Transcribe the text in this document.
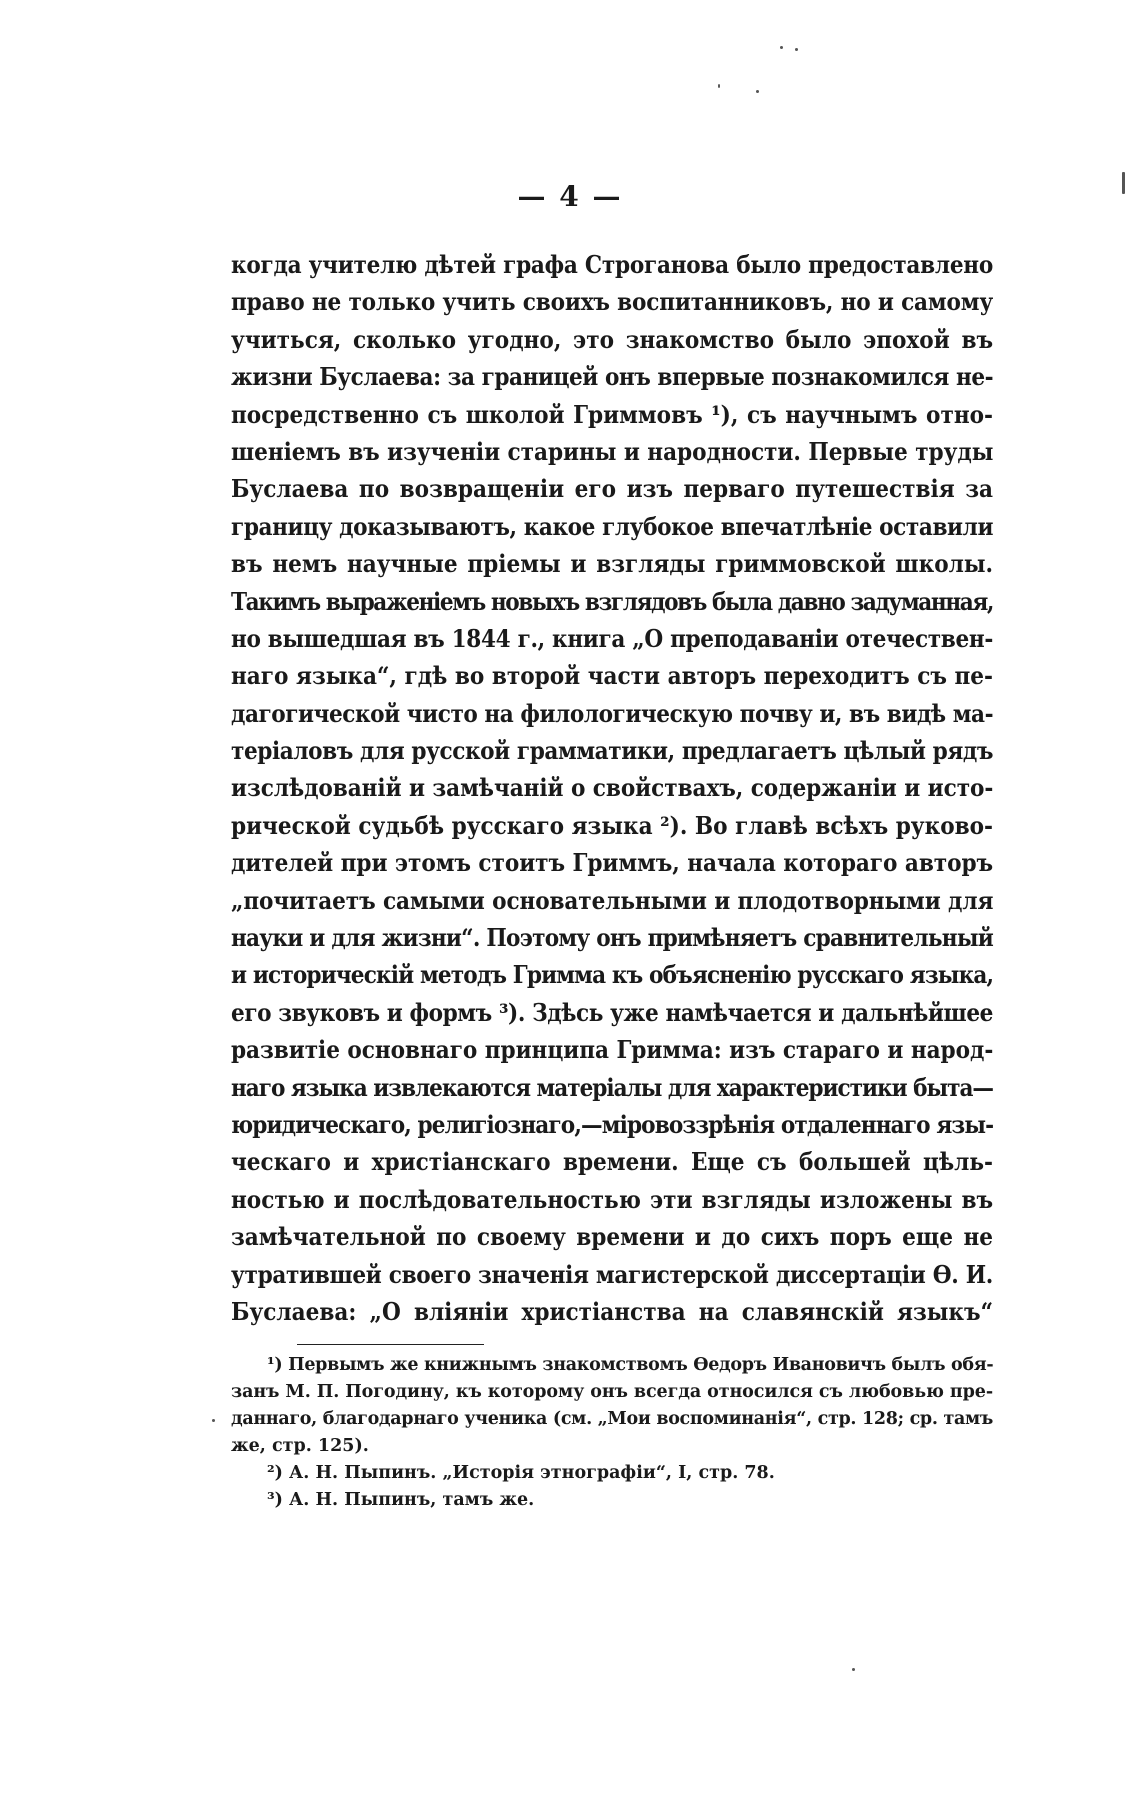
— 4 —
когда учителю дѣтей графа Строганова было предоставлено
право не только учить своихъ воспитанниковъ, но и самому
учиться, сколько угодно, это знакомство было эпохой въ
жизни Буслаева: за границей онъ впервые познакомился не-
посредственно съ школой Гриммовъ ¹), съ научнымъ отно-
шеніемъ въ изученіи старины и народности. Первые труды
Буслаева по возвращеніи его изъ перваго путешествія за
границу доказываютъ, какое глубокое впечатлѣніе оставили
въ немъ научные пріемы и взгляды гриммовской школы.
Такимъ выраженіемъ новыхъ взглядовъ была давно задуманная,
но вышедшая въ 1844 г., книга „О преподаваніи отечествен-
наго языка“, гдѣ во второй части авторъ переходитъ съ пе-
дагогической чисто на филологическую почву и, въ видѣ ма-
теріаловъ для русской грамматики, предлагаетъ цѣлый рядъ
изслѣдованій и замѣчаній о свойствахъ, содержаніи и исто-
рической судьбѣ русскаго языка ²). Во главѣ всѣхъ руково-
дителей при этомъ стоитъ Гриммъ, начала котораго авторъ
„почитаетъ самыми основательными и плодотворными для
науки и для жизни“. Поэтому онъ примѣняетъ сравнительный
и историческій методъ Гримма къ объясненію русскаго языка,
его звуковъ и формъ ³). Здѣсь уже намѣчается и дальнѣйшее
развитіе основнаго принципа Гримма: изъ стараго и народ-
наго языка извлекаются матеріалы для характеристики быта—
юридическаго, религіознаго,—міровоззрѣнія отдаленнаго язы-
ческаго и христіанскаго времени. Еще съ большей цѣль-
ностью и послѣдовательностью эти взгляды изложены въ
замѣчательной по своему времени и до сихъ поръ еще не
утратившей своего значенія магистерской диссертаціи Ѳ. И.
Буслаева: „О вліяніи христіанства на славянскій языкъ“
¹) Первымъ же книжнымъ знакомствомъ Ѳедоръ Ивановичъ былъ обя-
занъ М. П. Погодину, къ которому онъ всегда относился съ любовью пре-
даннаго, благодарнаго ученика (см. „Мои воспоминанія“, стр. 128; ср. тамъ
же, стр. 125).
²) А. Н. Пыпинъ. „Исторія этнографіи“, I, стр. 78.
³) А. Н. Пыпинъ, тамъ же.
